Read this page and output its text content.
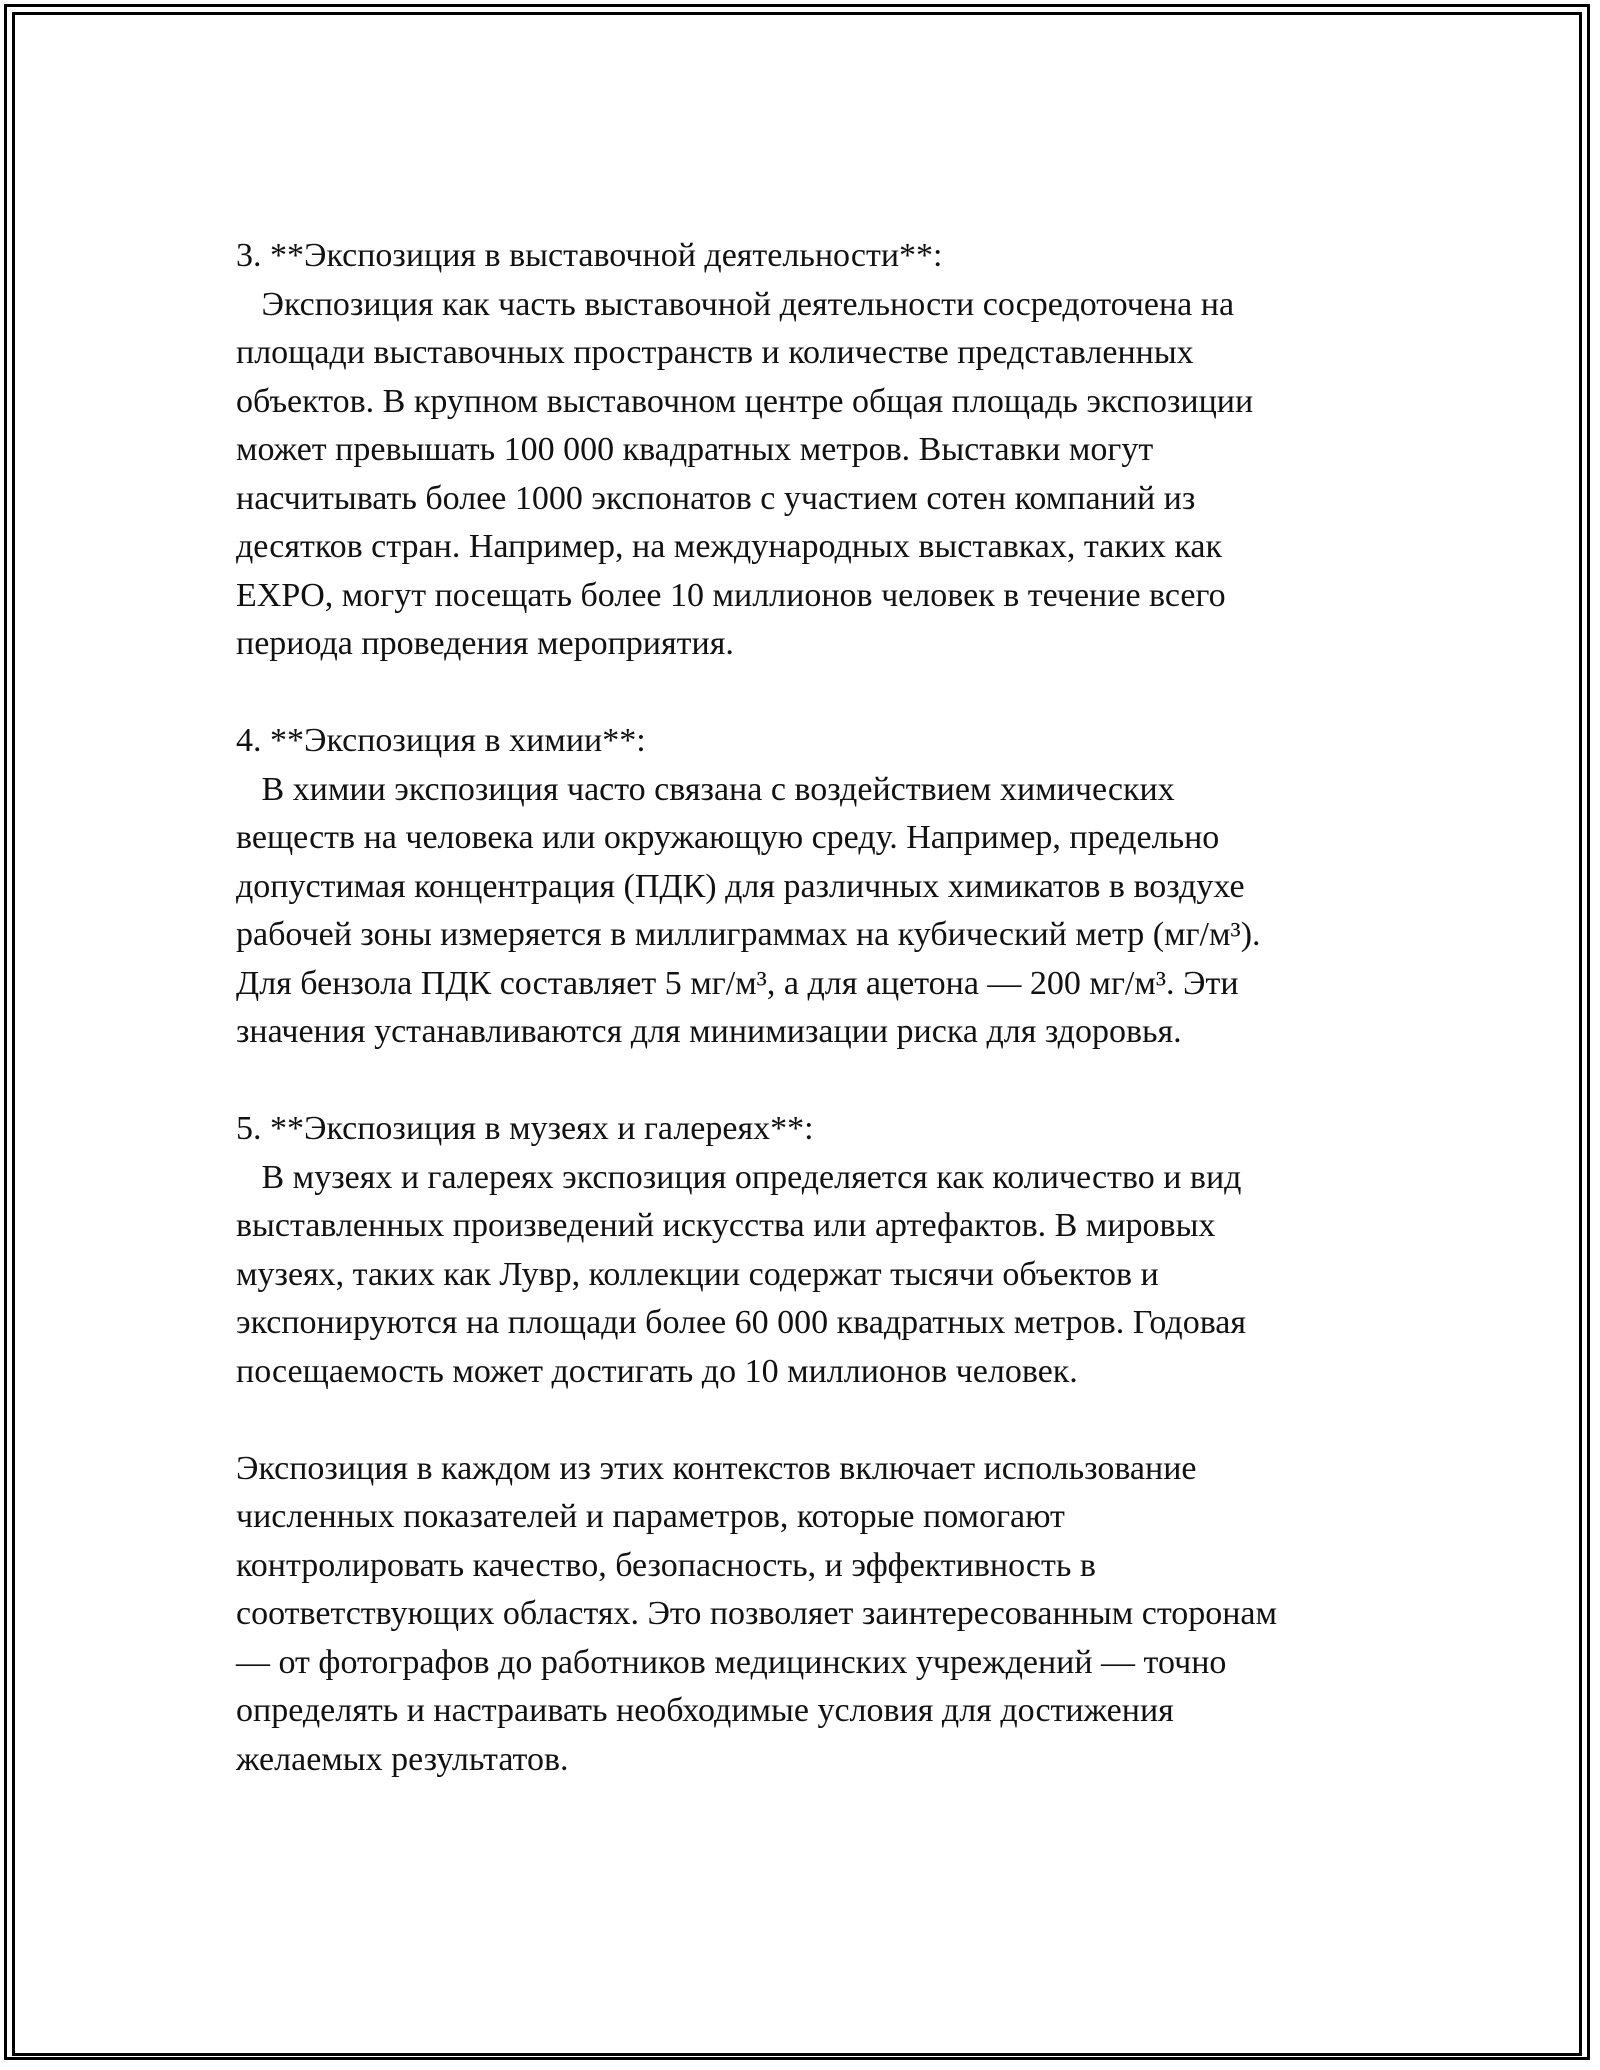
3. **Экспозиция в выставочной деятельности**:

Экспозиция как часть выставочной деятельности сосредоточена на
площади выставочных пространств и количестве представленных
объектов. В крупном выставочном центре общая площадь экспозиции
может превышать 100 000 квадратных метров. Выставки могут
насчитывать более 1000 экспонатов с участием сотен компаний из
десятков стран. Например, на международных выставках, таких как
EXPO, могут посещать более 10 миллионов человек в течение всего
периода проведения мероприятия.

4. **Экспозиция в химии**:

В химии экспозиция часто связана с воздействием химических
веществ на человека или окружающую среду. Например, предельно
допустимая концентрация (ПДК) для различных химикатов в воздухе
рабочей зоны измеряется в миллиграммах на кубический метр (мг/м³).
Для бензола ПДК составляет 5 мг/м³, а для ацетона — 200 мг/м³. Эти
значения устанавливаются для минимизации риска для здоровья.

5. **Экспозиция в музеях и галереях**:

В музеях и галереях экспозиция определяется как количество и вид
выставленных произведений искусства или артефактов. В мировых
музеях, таких как Лувр, коллекции содержат тысячи объектов и
экспонируются на площади более 60 000 квадратных метров. Годовая
посещаемость может достигать до 10 миллионов человек.

Экспозиция в каждом из этих контекстов включает использование
численных показателей и параметров, которые помогают
контролировать качество, безопасность, и эффективность в
соответствующих областях. Это позволяет заинтересованным сторонам
— от фотографов до работников медицинских учреждений — точно
определять и настраивать необходимые условия для достижения
желаемых результатов.
